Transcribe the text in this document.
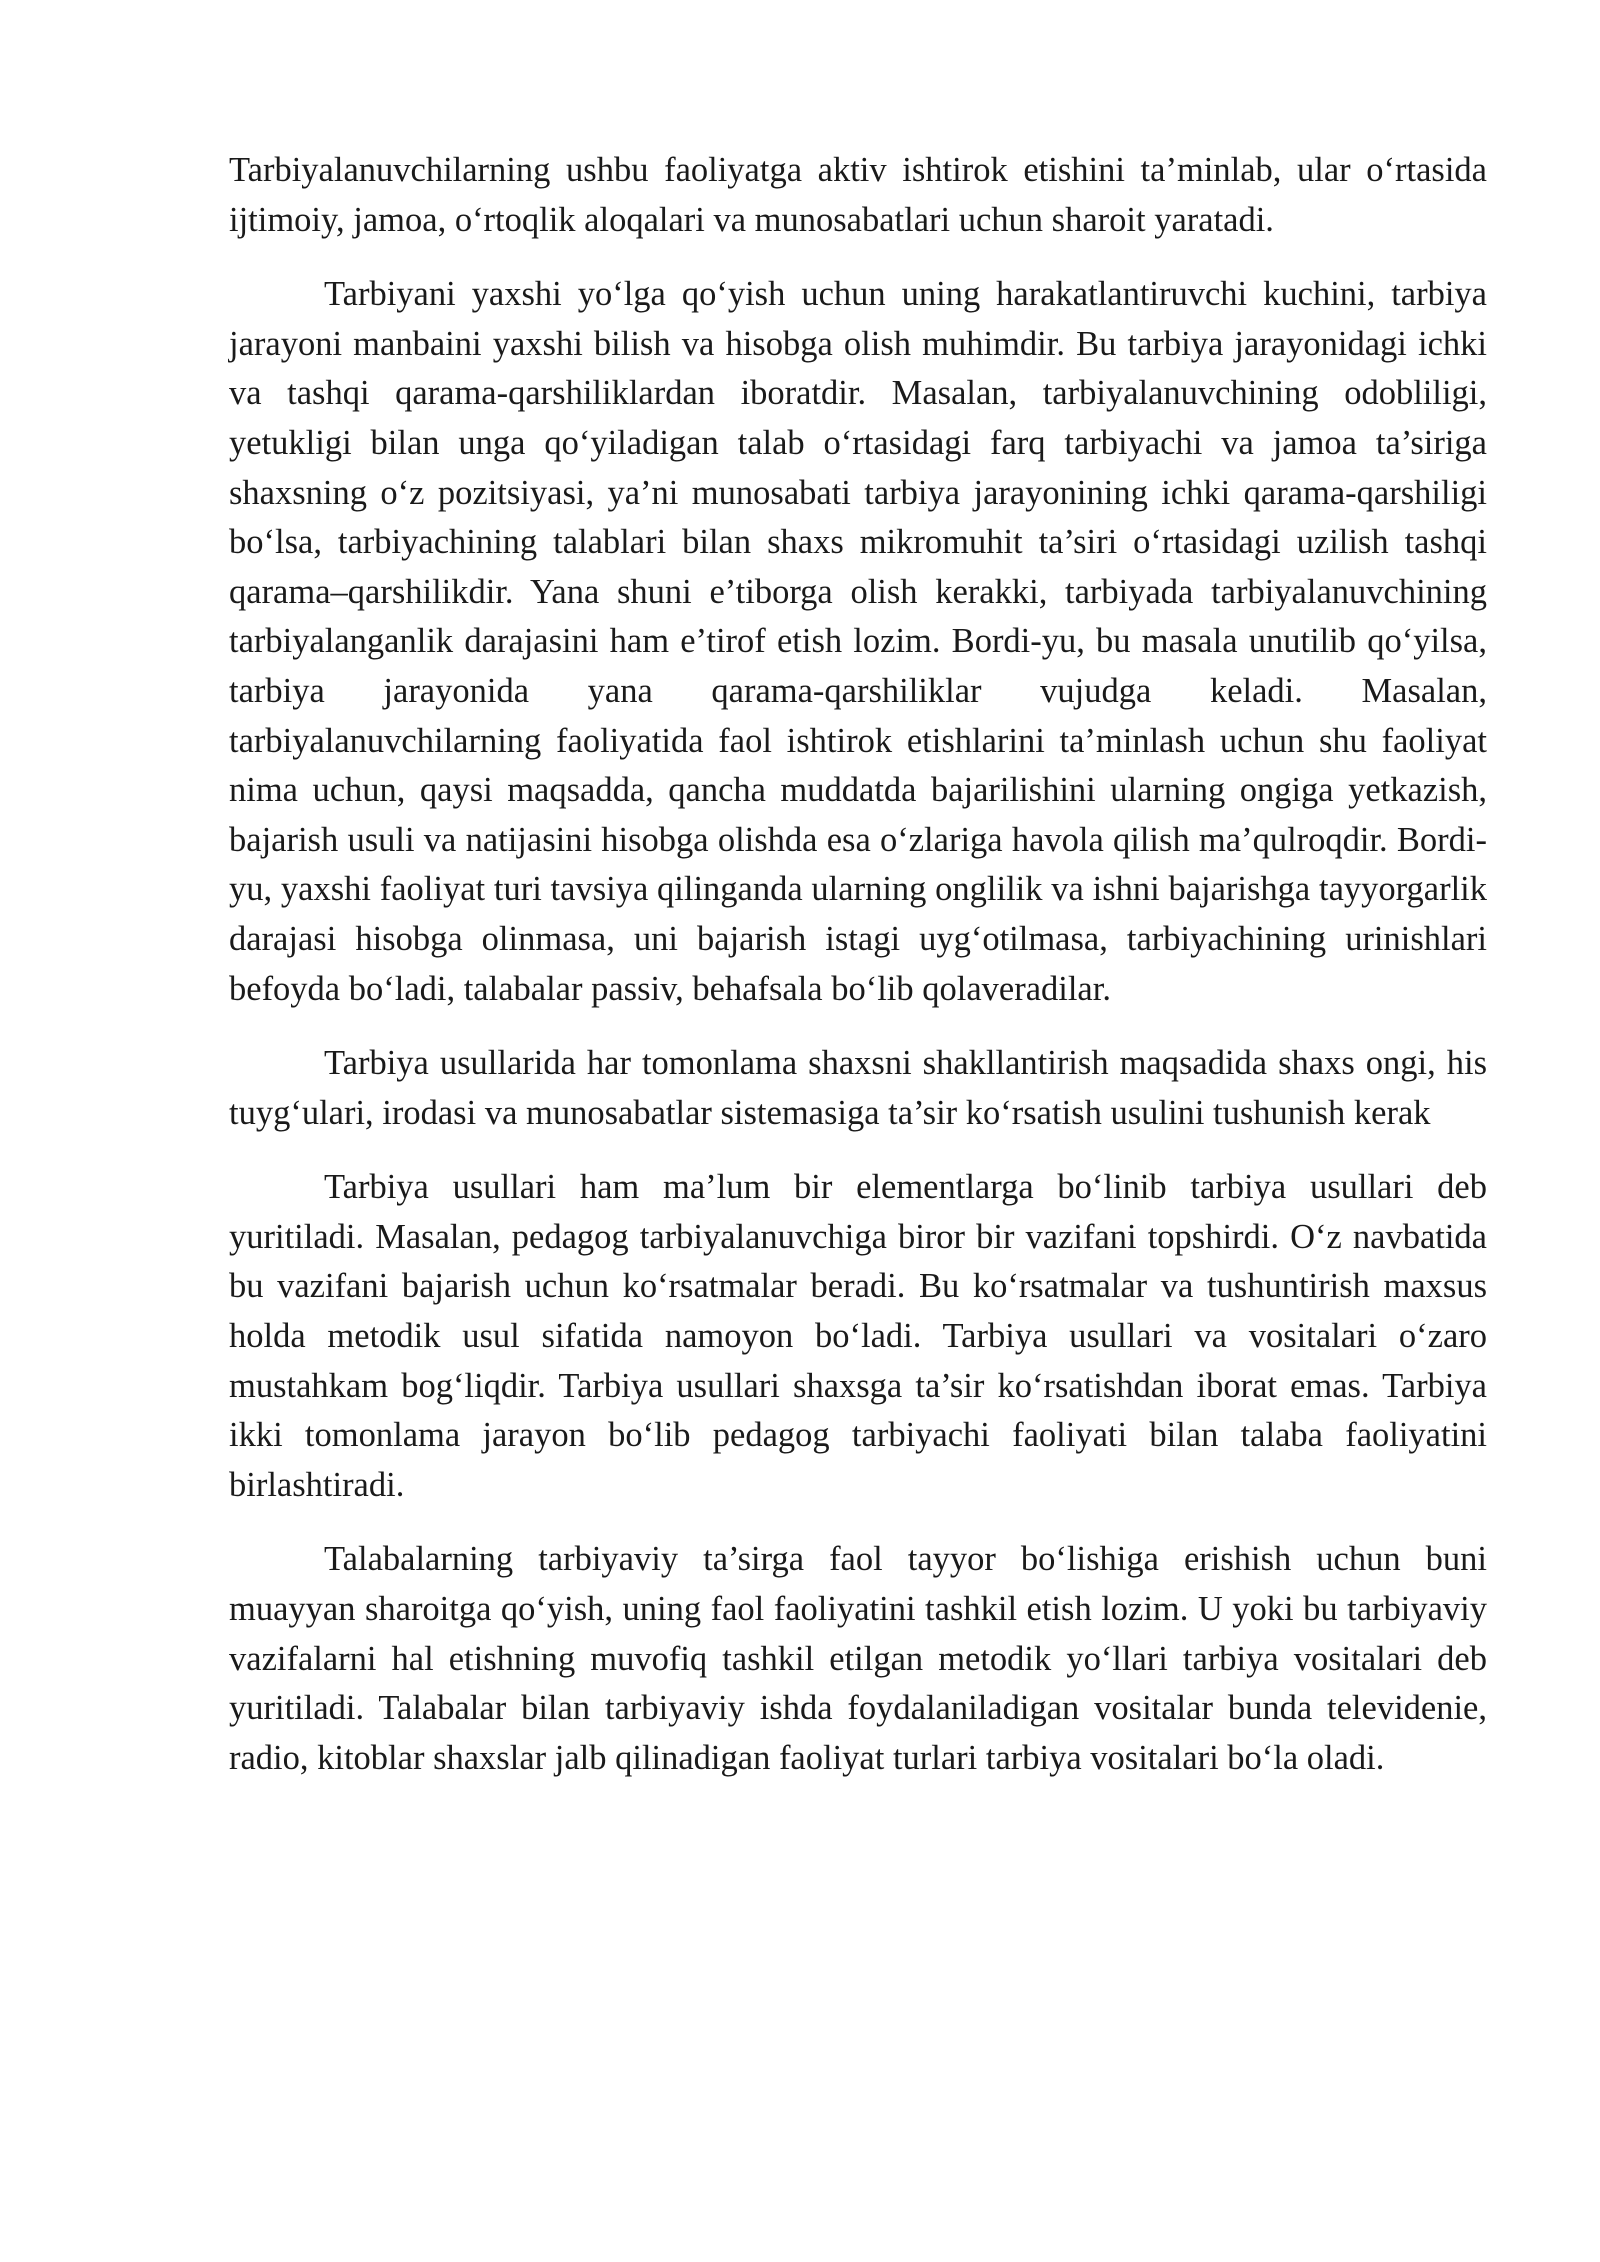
Tarbiyalanuvchilarning ushbu faoliyatga aktiv ishtirok etishini ta’minlab, ular o‘rtasida ijtimoiy, jamoa, o‘rtoqlik aloqalari va munosabatlari uchun sharoit yaratadi.

Tarbiyani yaxshi yo‘lga qo‘yish uchun uning harakatlantiruvchi kuchini, tarbiya jarayoni manbaini yaxshi bilish va hisobga olish muhimdir. Bu tarbiya jarayonidagi ichki va tashqi qarama-qarshiliklardan iboratdir. Masalan, tarbiyalanuvchining odobliligi, yetukligi bilan unga qo‘yiladigan talab o‘rtasidagi farq tarbiyachi va jamoa ta’siriga shaxsning o‘z pozitsiyasi, ya’ni munosabati tarbiya jarayonining ichki qarama-qarshiligi bo‘lsa, tarbiyachining talablari bilan shaxs mikromuhit ta’siri o‘rtasidagi uzilish tashqi qarama–qarshilikdir. Yana shuni e’tiborga olish kerakki, tarbiyada tarbiyalanuvchining tarbiyalanganlik darajasini ham e’tirof etish lozim. Bordi-yu, bu masala unutilib qo‘yilsa, tarbiya jarayonida yana qarama-qarshiliklar vujudga keladi. Masalan, tarbiyalanuvchilarning faoliyatida faol ishtirok etishlarini ta’minlash uchun shu faoliyat nima uchun, qaysi maqsadda, qancha muddatda bajarilishini ularning ongiga yetkazish, bajarish usuli va natijasini hisobga olishda esa o‘zlariga havola qilish ma’qulroqdir. Bordi-yu, yaxshi faoliyat turi tavsiya qilinganda ularning onglilik va ishni bajarishga tayyorgarlik darajasi hisobga olinmasa, uni bajarish istagi uyg‘otilmasa, tarbiyachining urinishlari befoyda bo‘ladi, talabalar passiv, behafsala bo‘lib qolaveradilar.

Tarbiya usullarida har tomonlama shaxsni shakllantirish maqsadida shaxs ongi, his tuyg‘ulari, irodasi va munosabatlar sistemasiga ta’sir ko‘rsatish usulini tushunish kerak

Tarbiya usullari ham ma’lum bir elementlarga bo‘linib tarbiya usullari deb yuritiladi. Masalan, pedagog tarbiyalanuvchiga biror bir vazifani topshirdi. O‘z navbatida bu vazifani bajarish uchun ko‘rsatmalar beradi. Bu ko‘rsatmalar va tushuntirish maxsus holda metodik usul sifatida namoyon bo‘ladi. Tarbiya usullari va vositalari o‘zaro mustahkam bog‘liqdir. Tarbiya usullari shaxsga ta’sir ko‘rsatishdan iborat emas. Tarbiya ikki tomonlama jarayon bo‘lib pedagog tarbiyachi faoliyati bilan talaba faoliyatini birlashtiradi.

Talabalarning tarbiyaviy ta’sirga faol tayyor bo‘lishiga erishish uchun buni muayyan sharoitga qo‘yish, uning faol faoliyatini tashkil etish lozim. U yoki bu tarbiyaviy vazifalarni hal etishning muvofiq tashkil etilgan metodik yo‘llari tarbiya vositalari deb yuritiladi. Talabalar bilan tarbiyaviy ishda foydalaniladigan vositalar bunda televidenie, radio, kitoblar shaxslar jalb qilinadigan faoliyat turlari tarbiya vositalari bo‘la oladi.
